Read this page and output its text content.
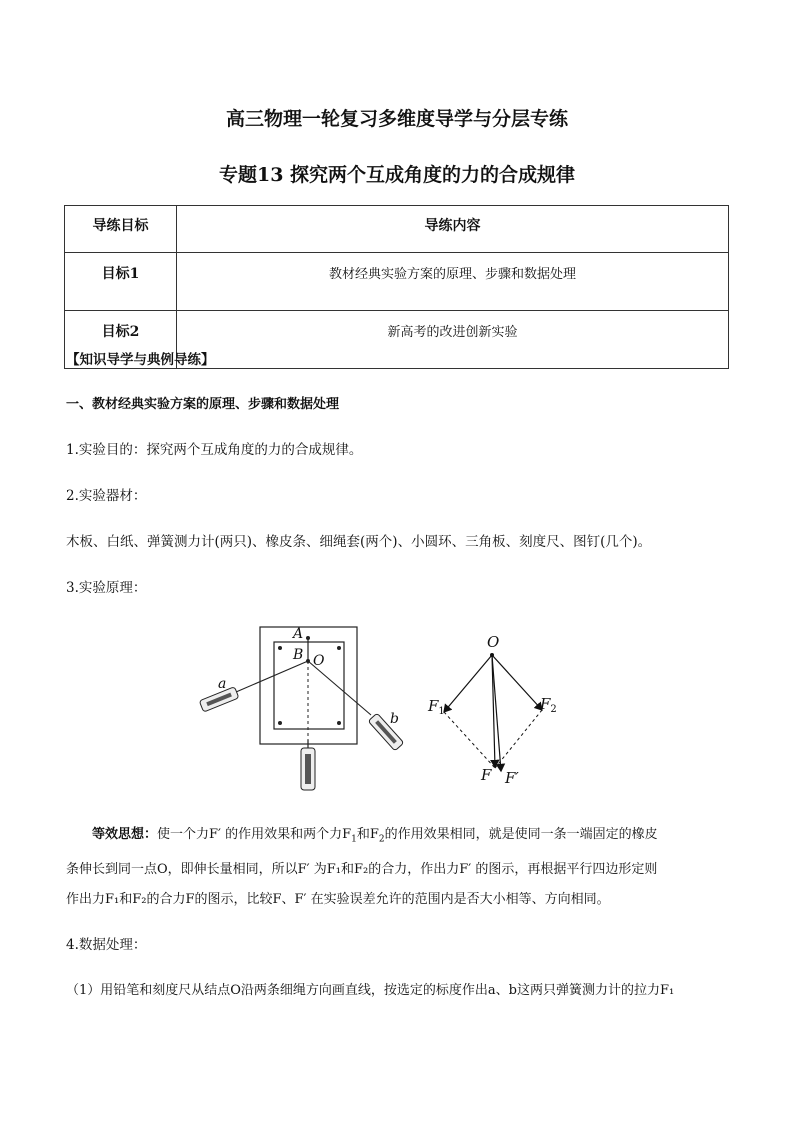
高三物理一轮复习多维度导学与分层专练
专题13 探究两个互成角度的力的合成规律
导练目标	导练内容
目标1	教材经典实验方案的原理、步骤和数据处理
目标2	新高考的改进创新实验
【知识导学与典例导练】
一、教材经典实验方案的原理、步骤和数据处理
1.实验目的：探究两个互成角度的力的合成规律。
2.实验器材：
木板、白纸、弹簧测力计(两只)、橡皮条、细绳套(两个)、小圆环、三角板、刻度尺、图钉(几个)。
3.实验原理：
A
B O
a
b
O
$F_1$	$F_2$
F F′
等效思想：使一个力F′ 的作用效果和两个力$F_1$和$F_2$的作用效果相同，就是使同一条一端固定的橡皮
条伸长到同一点O，即伸长量相同，所以F′ 为F₁和F₂的合力，作出力F′ 的图示，再根据平行四边形定则
作出力F₁和F₂的合力F的图示，比较F、F′ 在实验误差允许的范围内是否大小相等、方向相同。
4.数据处理：
（1）用铅笔和刻度尺从结点O沿两条细绳方向画直线，按选定的标度作出a、b这两只弹簧测力计的拉力F₁
